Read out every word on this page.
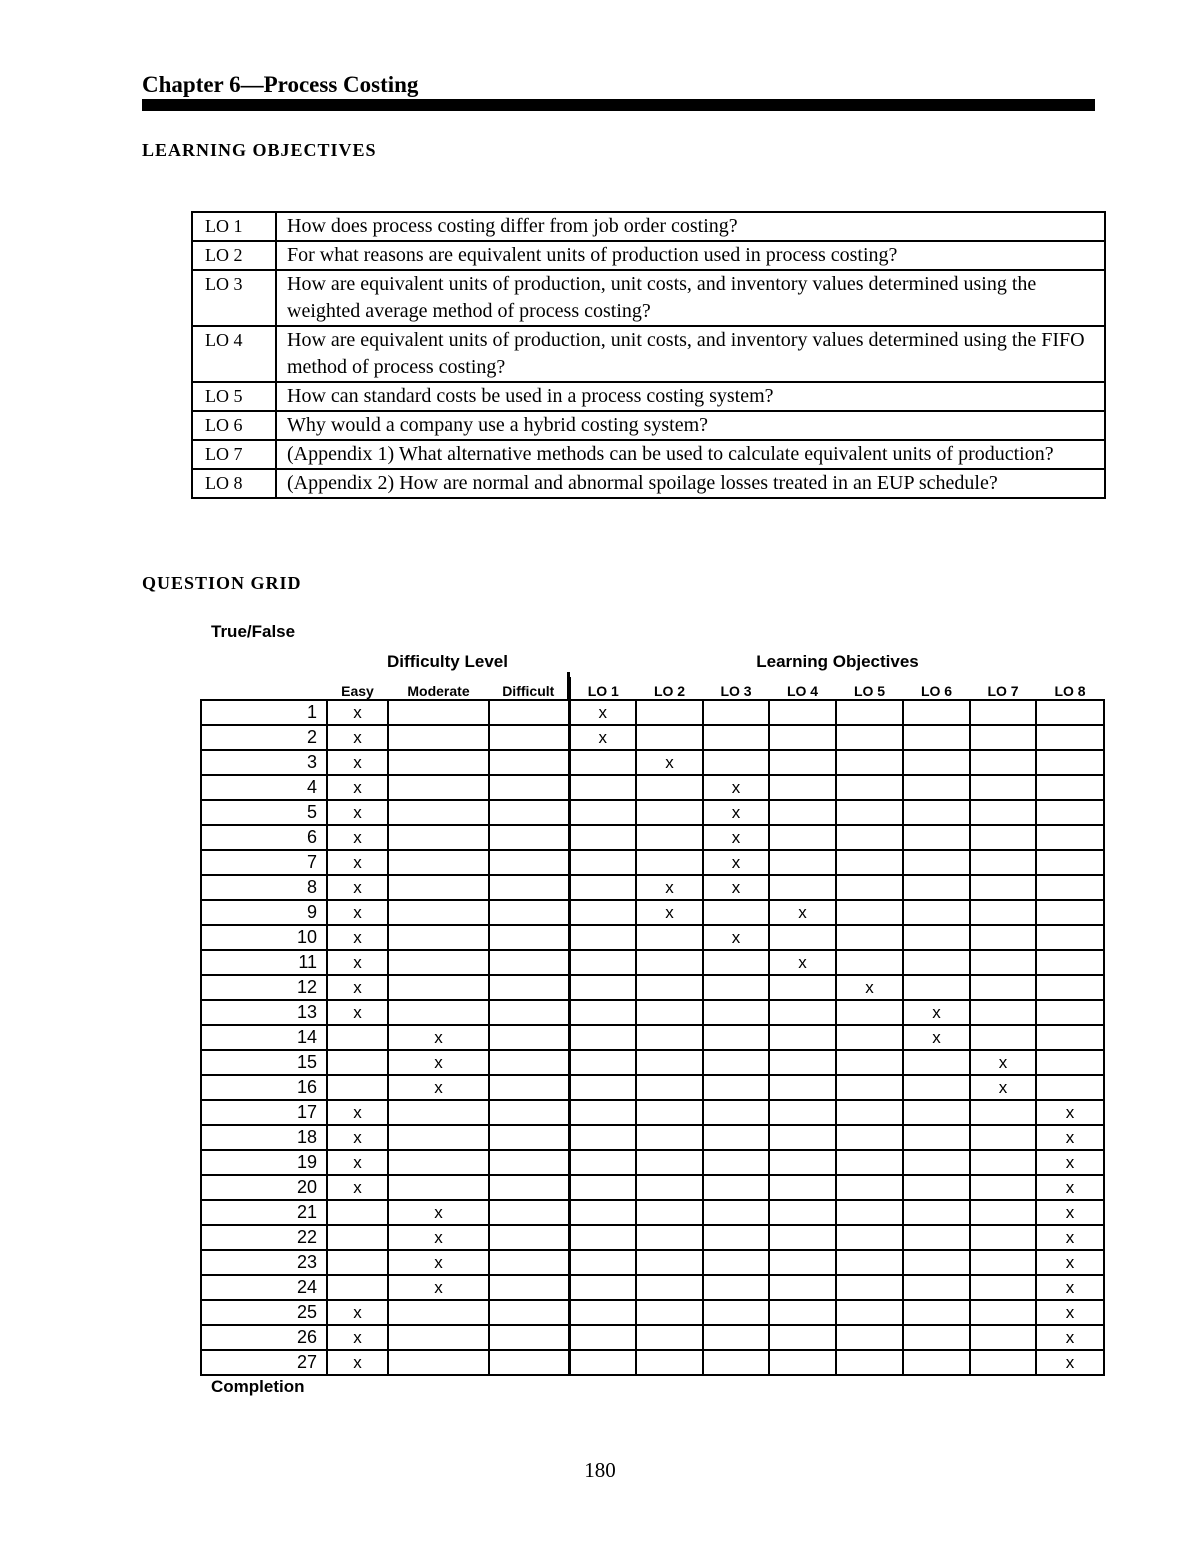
Chapter 6—Process Costing
LEARNING OBJECTIVES
LO 1	How does process costing differ from job order costing?
LO 2	For what reasons are equivalent units of production used in process costing?
LO 3	How are equivalent units of production, unit costs, and inventory values determined using the weighted average method of process costing?
LO 4	How are equivalent units of production, unit costs, and inventory values determined using the FIFO method of process costing?
LO 5	How can standard costs be used in a process costing system?
LO 6	Why would a company use a hybrid costing system?
LO 7	(Appendix 1) What alternative methods can be used to calculate equivalent units of production?
LO 8	(Appendix 2) How are normal and abnormal spoilage losses treated in an EUP schedule?
QUESTION GRID
True/False
Difficulty Level	Learning Objectives
	Easy	Moderate	Difficult	LO 1	LO 2	LO 3	LO 4	LO 5	LO 6	LO 7	LO 8
1	x			x							
2	x			x							
3	x				x						
4	x					x					
5	x					x					
6	x					x					
7	x					x					
8	x				x	x					
9	x				x		x				
10	x					x					
11	x						x				
12	x							x			
13	x								x		
14		x							x		
15		x								x	
16		x								x	
17	x										x
18	x										x
19	x										x
20	x										x
21		x									x
22		x									x
23		x									x
24		x									x
25	x										x
26	x										x
27	x										x
Completion
180
